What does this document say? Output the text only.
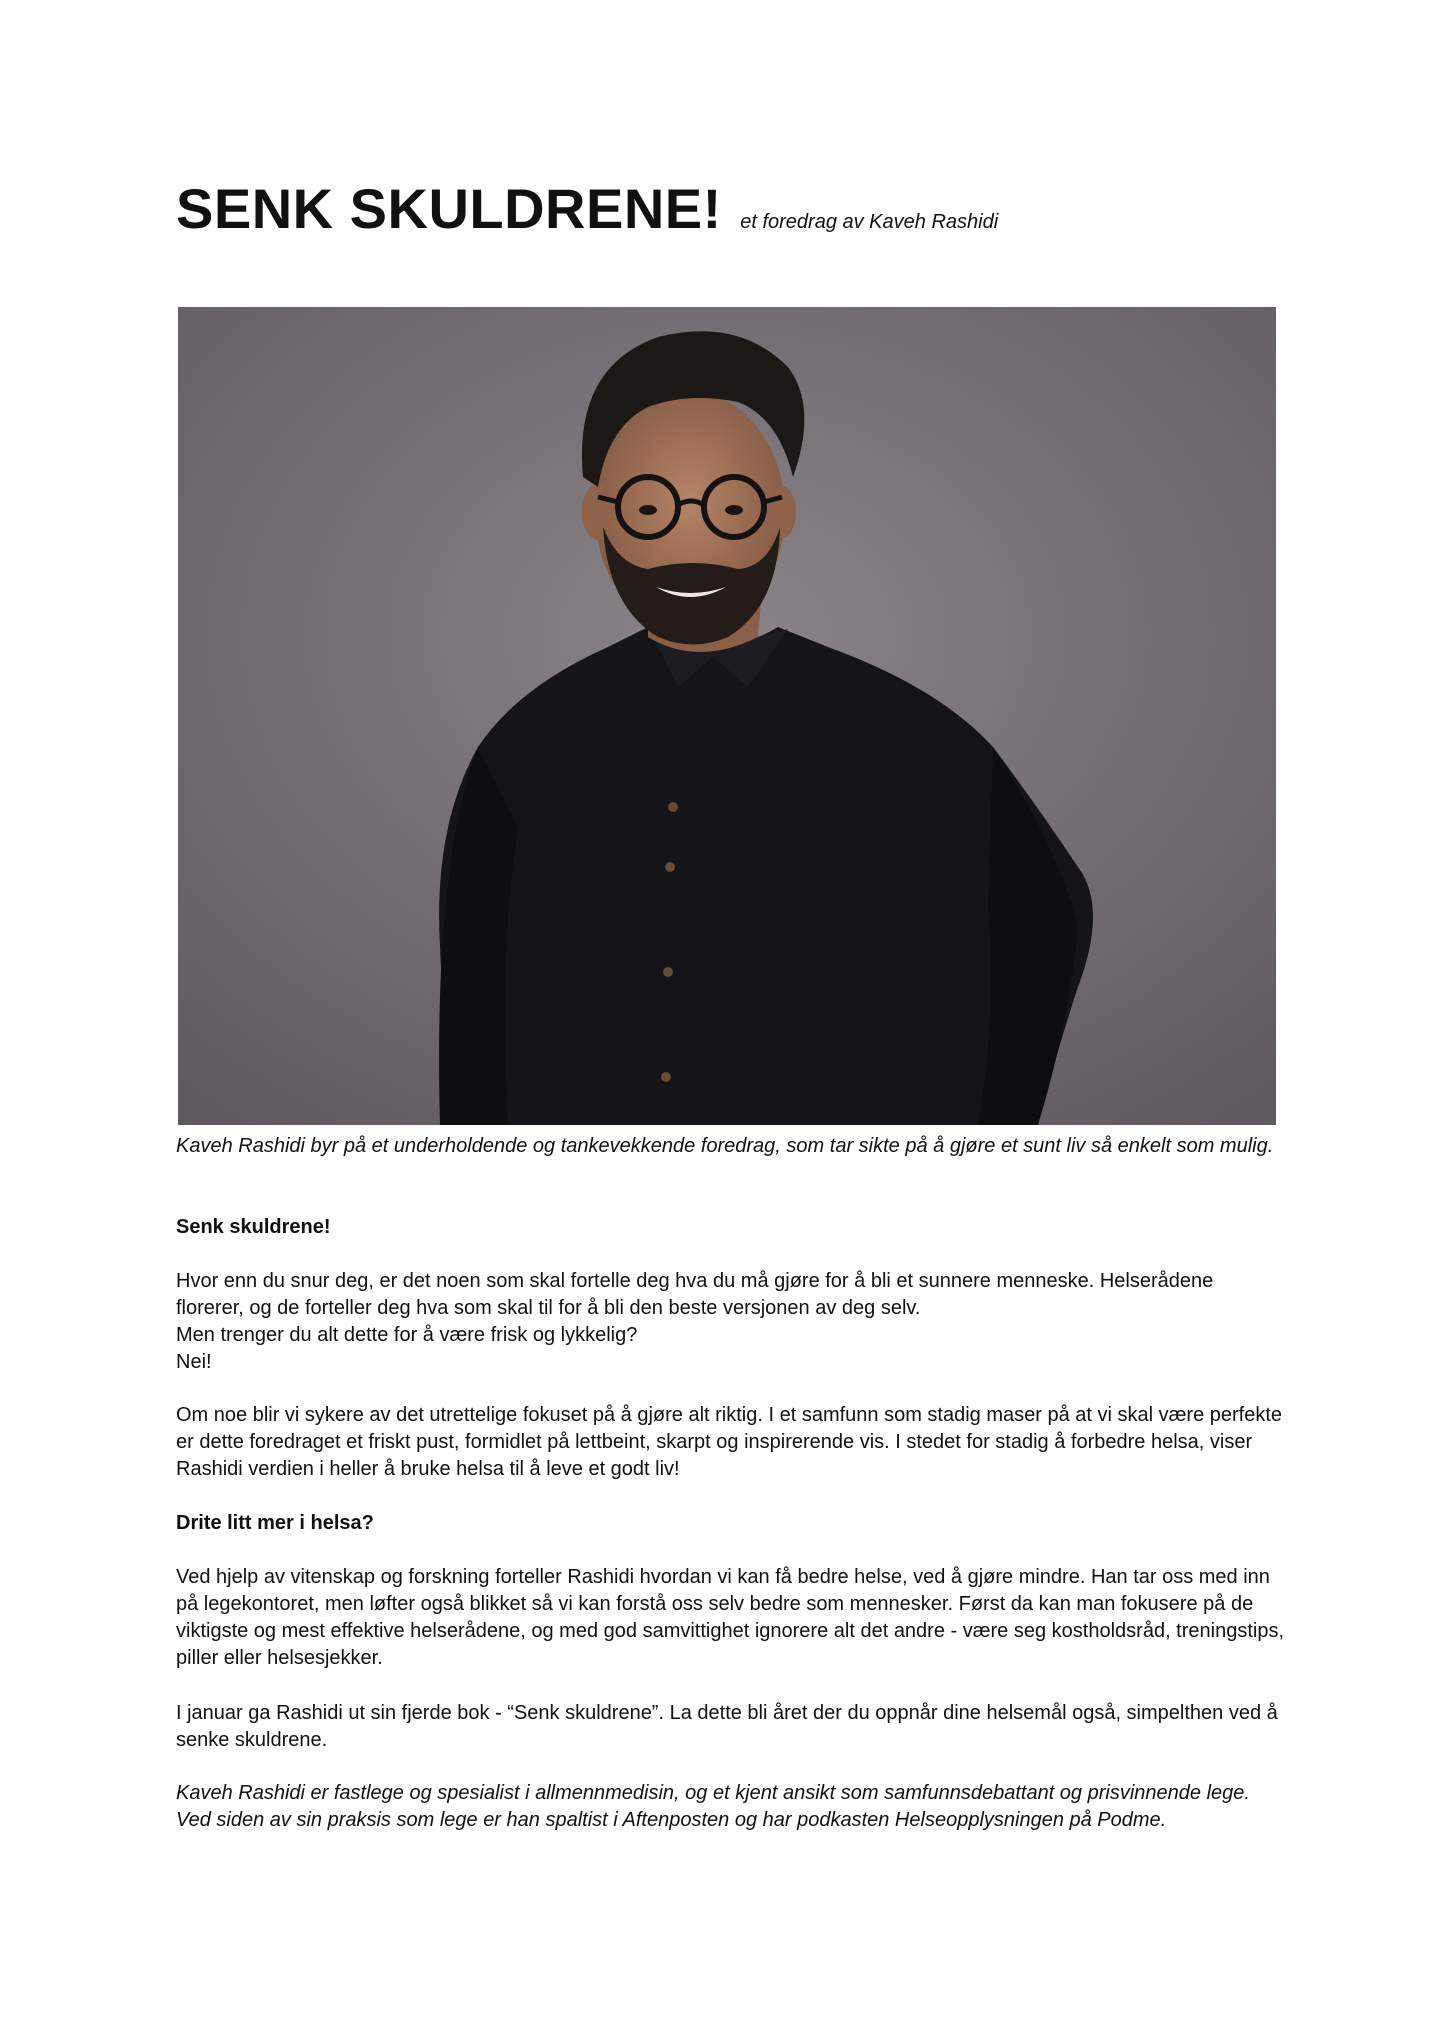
SENK SKULDRENE! et foredrag av Kaveh Rashidi

Kaveh Rashidi byr på et underholdende og tankevekkende foredrag, som tar sikte på å gjøre et sunt liv så enkelt som mulig.

Senk skuldrene!
Hvor enn du snur deg, er det noen som skal fortelle deg hva du må gjøre for å bli et sunnere menneske. Helserådene florerer, og de forteller deg hva som skal til for å bli den beste versjonen av deg selv.
Men trenger du alt dette for å være frisk og lykkelig?
Nei!

Om noe blir vi sykere av det utrettelige fokuset på å gjøre alt riktig. I et samfunn som stadig maser på at vi skal være perfekte er dette foredraget et friskt pust, formidlet på lettbeint, skarpt og inspirerende vis. I stedet for stadig å forbedre helsa, viser Rashidi verdien i heller å bruke helsa til å leve et godt liv!

Drite litt mer i helsa?

Ved hjelp av vitenskap og forskning forteller Rashidi hvordan vi kan få bedre helse, ved å gjøre mindre. Han tar oss med inn på legekontoret, men løfter også blikket så vi kan forstå oss selv bedre som mennesker. Først da kan man fokusere på de viktigste og mest effektive helserådene, og med god samvittighet ignorere alt det andre - være seg kostholdsråd, treningstips, piller eller helsesjekker.

I januar ga Rashidi ut sin fjerde bok - “Senk skuldrene”. La dette bli året der du oppnår dine helsemål også, simpelthen ved å senke skuldrene.

Kaveh Rashidi er fastlege og spesialist i allmennmedisin, og et kjent ansikt som samfunnsdebattant og prisvinnende lege. Ved siden av sin praksis som lege er han spaltist i Aftenposten og har podkasten Helseopplysningen på Podme.
